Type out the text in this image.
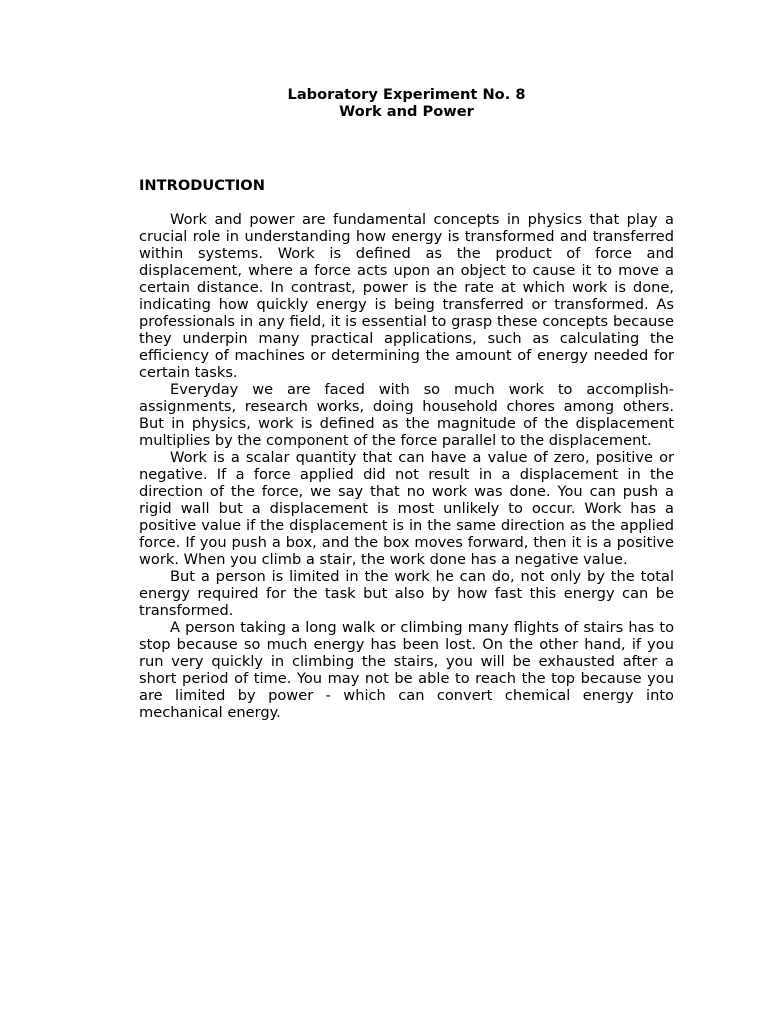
Laboratory Experiment No. 8
Work and Power
INTRODUCTION

Work and power are fundamental concepts in physics that play a crucial role in understanding how energy is transformed and transferred within systems. Work is defined as the product of force and displacement, where a force acts upon an object to cause it to move a certain distance. In contrast, power is the rate at which work is done, indicating how quickly energy is being transferred or transformed. As professionals in any field, it is essential to grasp these concepts because they underpin many practical applications, such as calculating the efficiency of machines or determining the amount of energy needed for certain tasks.

Everyday we are faced with so much work to accomplish- assignments, research works, doing household chores among others. But in physics, work is defined as the magnitude of the displacement multiplies by the component of the force parallel to the displacement.

Work is a scalar quantity that can have a value of zero, positive or negative. If a force applied did not result in a displacement in the direction of the force, we say that no work was done. You can push a rigid wall but a displacement is most unlikely to occur. Work has a positive value if the displacement is in the same direction as the applied force. If you push a box, and the box moves forward, then it is a positive work. When you climb a stair, the work done has a negative value.

But a person is limited in the work he can do, not only by the total energy required for the task but also by how fast this energy can be transformed.

A person taking a long walk or climbing many flights of stairs has to stop because so much energy has been lost. On the other hand, if you run very quickly in climbing the stairs, you will be exhausted after a short period of time. You may not be able to reach the top because you are limited by power - which can convert chemical energy into mechanical energy.
